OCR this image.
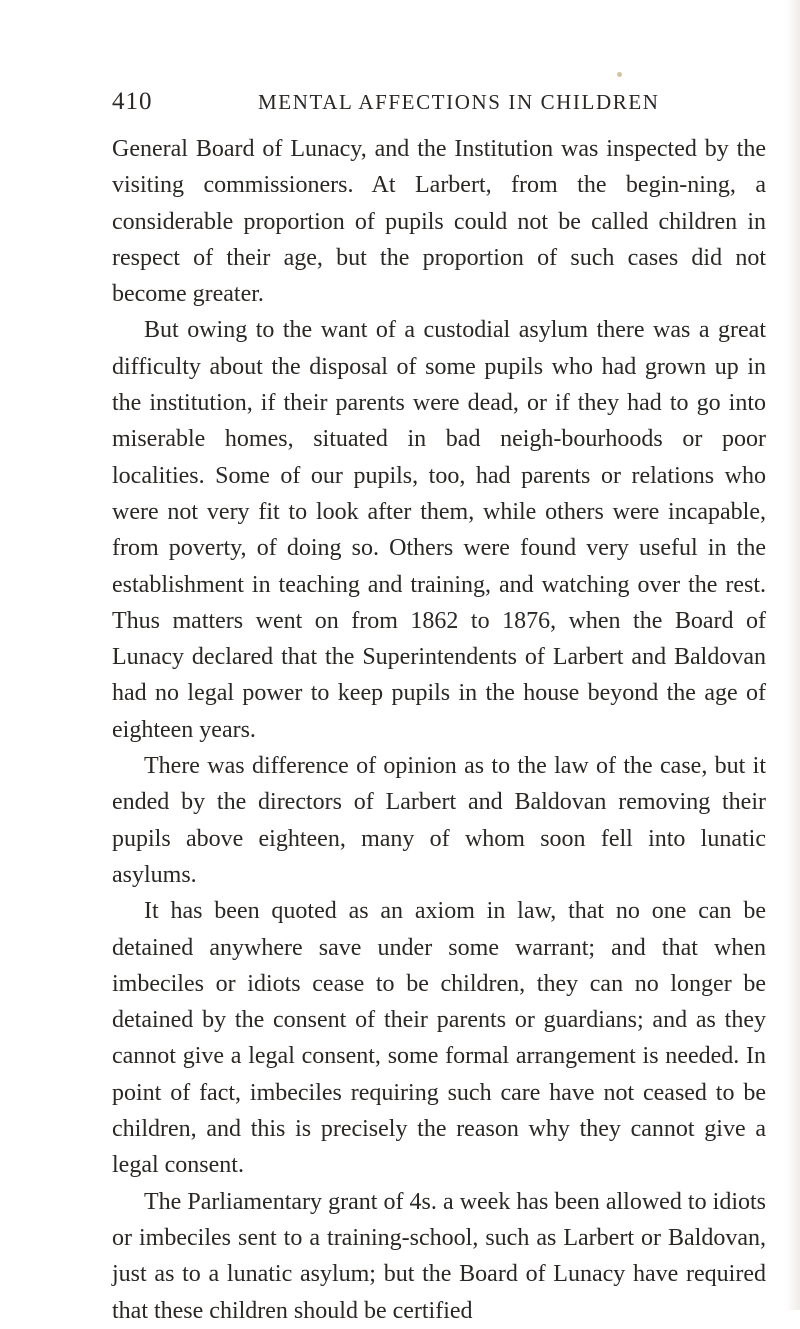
410	MENTAL AFFECTIONS IN CHILDREN

General Board of Lunacy, and the Institution was inspected by the visiting commissioners. At Larbert, from the begin-ning, a considerable proportion of pupils could not be called children in respect of their age, but the proportion of such cases did not become greater.

But owing to the want of a custodial asylum there was a great difficulty about the disposal of some pupils who had grown up in the institution, if their parents were dead, or if they had to go into miserable homes, situated in bad neigh-bourhoods or poor localities. Some of our pupils, too, had parents or relations who were not very fit to look after them, while others were incapable, from poverty, of doing so. Others were found very useful in the establishment in teaching and training, and watching over the rest. Thus matters went on from 1862 to 1876, when the Board of Lunacy declared that the Superintendents of Larbert and Baldovan had no legal power to keep pupils in the house beyond the age of eighteen years.

There was difference of opinion as to the law of the case, but it ended by the directors of Larbert and Baldovan removing their pupils above eighteen, many of whom soon fell into lunatic asylums.

It has been quoted as an axiom in law, that no one can be detained anywhere save under some warrant; and that when imbeciles or idiots cease to be children, they can no longer be detained by the consent of their parents or guardians; and as they cannot give a legal consent, some formal arrangement is needed. In point of fact, imbeciles requiring such care have not ceased to be children, and this is precisely the reason why they cannot give a legal consent.

The Parliamentary grant of 4s. a week has been allowed to idiots or imbeciles sent to a training-school, such as Larbert or Baldovan, just as to a lunatic asylum; but the Board of Lunacy have required that these children should be certified
